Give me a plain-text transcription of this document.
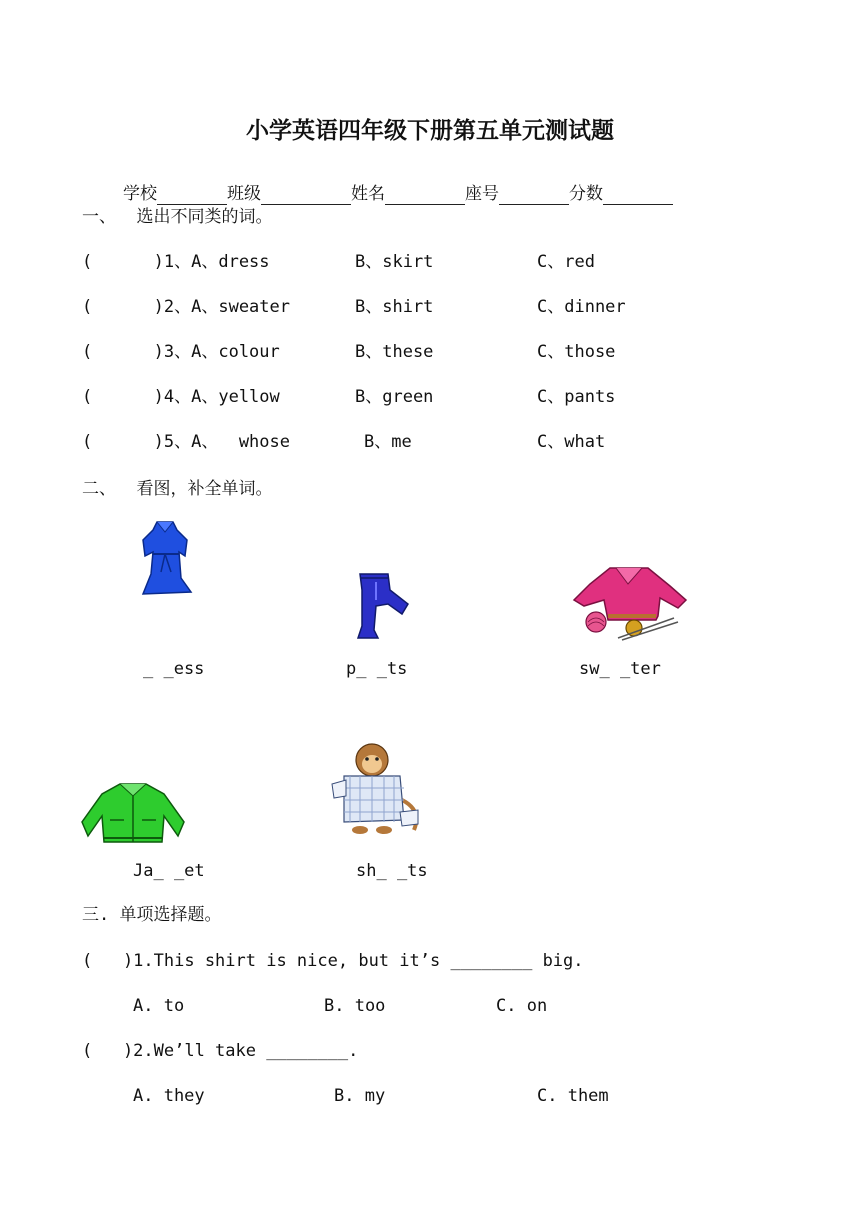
小学英语四年级下册第五单元测试题

学校	班级	姓名	座号	分数

一、  选出不同类的词。
(      )1、A、dress	B、skirt	C、red
(      )2、A、sweater	B、shirt	C、dinner
(      )3、A、colour	B、these	C、those
(      )4、A、yellow	B、green	C、pants
(      )5、A、  whose	B、me	C、what
二、  看图，补全单词。
_ _ess	p_ _ts	sw_ _ter
Ja_ _et	sh_ _ts
三. 单项选择题。
(   )1.This shirt is nice, but it’s ________ big.
A. to	B. too	C. on
(   )2.We’ll take ________.
A. they	B. my	C. them
